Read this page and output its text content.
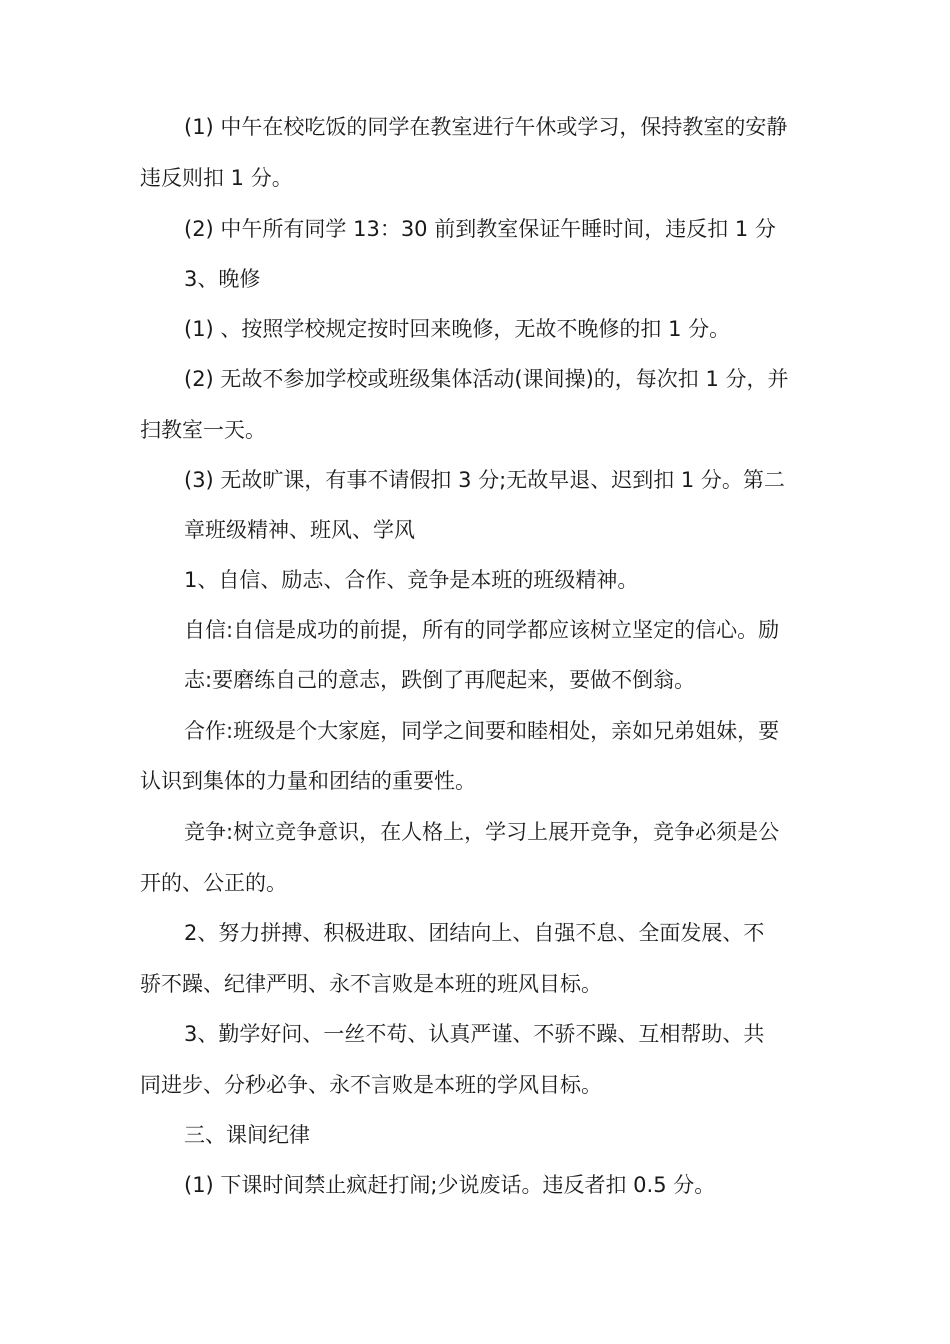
(1) 中午在校吃饭的同学在教室进行午休或学习，保持教室的安静
违反则扣 1 分。
(2) 中午所有同学 13：30 前到教室保证午睡时间，违反扣 1 分
3、晚修
(1) 、按照学校规定按时回来晚修，无故不晚修的扣 1 分。
(2) 无故不参加学校或班级集体活动(课间操)的，每次扣 1 分，并
扫教室一天。
(3) 无故旷课，有事不请假扣 3 分;无故早退、迟到扣 1 分。第二
章班级精神、班风、学风
1、自信、励志、合作、竞争是本班的班级精神。
自信:自信是成功的前提，所有的同学都应该树立坚定的信心。励
志:要磨练自己的意志，跌倒了再爬起来，要做不倒翁。
合作:班级是个大家庭，同学之间要和睦相处，亲如兄弟姐妹，要
认识到集体的力量和团结的重要性。
竞争:树立竞争意识，在人格上，学习上展开竞争，竞争必须是公
开的、公正的。
2、努力拼搏、积极进取、团结向上、自强不息、全面发展、不
骄不躁、纪律严明、永不言败是本班的班风目标。
3、勤学好问、一丝不苟、认真严谨、不骄不躁、互相帮助、共
同进步、分秒必争、永不言败是本班的学风目标。
三、课间纪律
(1) 下课时间禁止疯赶打闹;少说废话。违反者扣 0.5 分。
